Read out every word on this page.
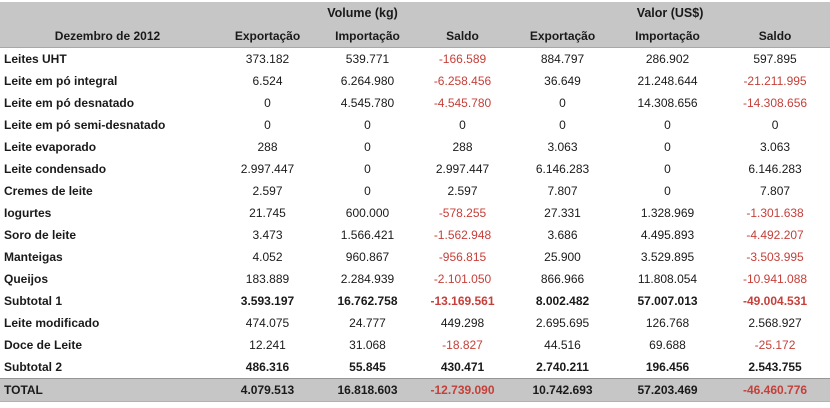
	Volume (kg)			Valor (US$)		
Dezembro de 2012	Exportação	Importação	Saldo	Exportação	Importação	Saldo
Leites UHT	373.182	539.771	-166.589	884.797	286.902	597.895
Leite em pó integral	6.524	6.264.980	-6.258.456	36.649	21.248.644	-21.211.995
Leite em pó desnatado	0	4.545.780	-4.545.780	0	14.308.656	-14.308.656
Leite em pó semi-desnatado	0	0	0	0	0	0
Leite evaporado	288	0	288	3.063	0	3.063
Leite condensado	2.997.447	0	2.997.447	6.146.283	0	6.146.283
Cremes de leite	2.597	0	2.597	7.807	0	7.807
Iogurtes	21.745	600.000	-578.255	27.331	1.328.969	-1.301.638
Soro de leite	3.473	1.566.421	-1.562.948	3.686	4.495.893	-4.492.207
Manteigas	4.052	960.867	-956.815	25.900	3.529.895	-3.503.995
Queijos	183.889	2.284.939	-2.101.050	866.966	11.808.054	-10.941.088
Subtotal 1	3.593.197	16.762.758	-13.169.561	8.002.482	57.007.013	-49.004.531
Leite modificado	474.075	24.777	449.298	2.695.695	126.768	2.568.927
Doce de Leite	12.241	31.068	-18.827	44.516	69.688	-25.172
Subtotal 2	486.316	55.845	430.471	2.740.211	196.456	2.543.755
TOTAL	4.079.513	16.818.603	-12.739.090	10.742.693	57.203.469	-46.460.776
